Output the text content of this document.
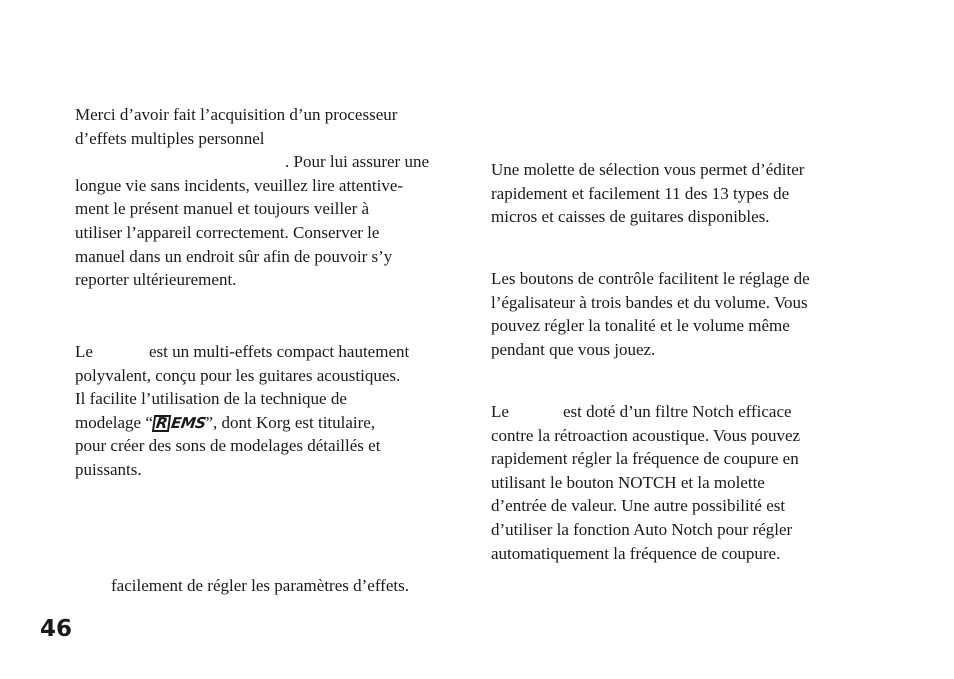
Merci d’avoir fait l’acquisition d’un processeur
d’effets multiples personnel
. Pour lui assurer une
longue vie sans incidents, veuillez lire attentive-
ment le présent manuel et toujours veiller à
utiliser l’appareil correctement. Conserver le
manuel dans un endroit sûr afin de pouvoir s’y
reporter ultérieurement.
Le	est un multi-effets compact hautement
polyvalent, conçu pour les guitares acoustiques.
Il facilite l’utilisation de la technique de
modelage “ REMS”, dont Korg est titulaire,
pour créer des sons de modelages détaillés et
puissants.
facilement de régler les paramètres d’effets.
Une molette de sélection vous permet d’éditer
rapidement et facilement 11 des 13 types de
micros et caisses de guitares disponibles.
Les boutons de contrôle facilitent le réglage de
l’égalisateur à trois bandes et du volume. Vous
pouvez régler la tonalité et le volume même
pendant que vous jouez.
Le	est doté d’un filtre Notch efficace
contre la rétroaction acoustique. Vous pouvez
rapidement régler la fréquence de coupure en
utilisant le bouton NOTCH et la molette
d’entrée de valeur. Une autre possibilité est
d’utiliser la fonction Auto Notch pour régler
automatiquement la fréquence de coupure.
46
